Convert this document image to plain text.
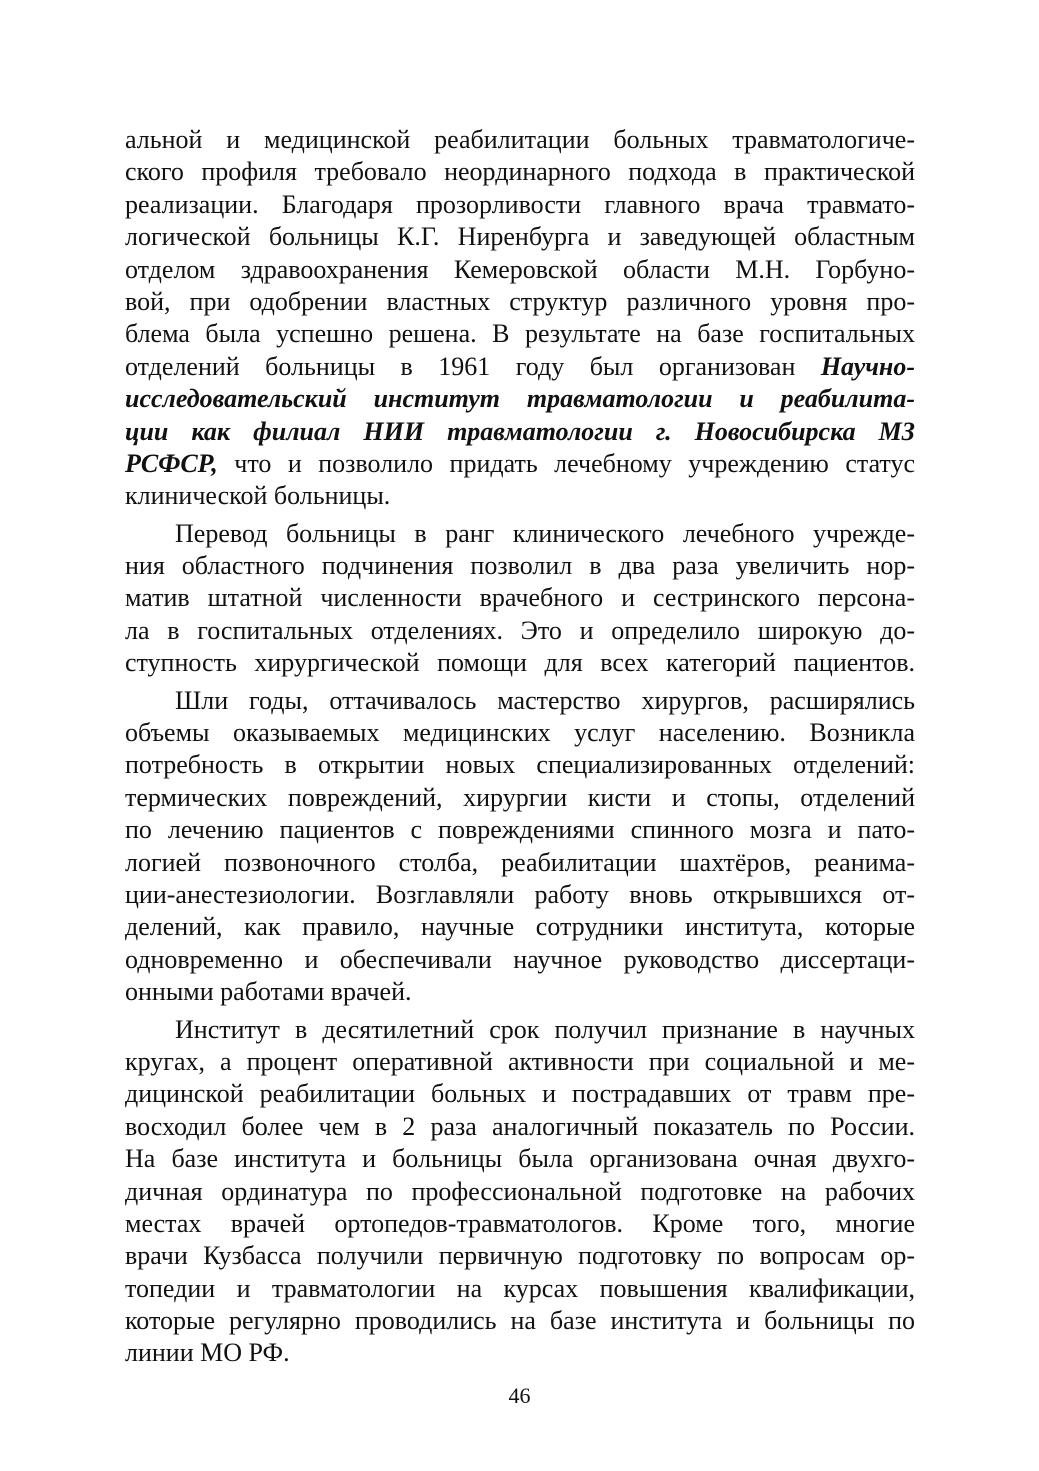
альной и медицинской реабилитации больных травматологиче-
ского профиля требовало неординарного подхода в практической
реализации. Благодаря прозорливости главного врача травмато-
логической больницы К.Г. Ниренбурга и заведующей областным
отделом здравоохранения Кемеровской области М.Н. Горбуно-
вой, при одобрении властных структур различного уровня про-
блема была успешно решена. В результате на базе госпитальных
отделений больницы в 1961 году был организован Научно-
исследовательский институт травматологии и реабилита-
ции как филиал НИИ травматологии г. Новосибирска МЗ
РСФСР, что и позволило придать лечебному учреждению статус
клинической больницы.
Перевод больницы в ранг клинического лечебного учрежде-
ния областного подчинения позволил в два раза увеличить нор-
матив штатной численности врачебного и сестринского персона-
ла в госпитальных отделениях. Это и определило широкую до-
ступность хирургической помощи для всех категорий пациентов.
Шли годы, оттачивалось мастерство хирургов, расширялись
объемы оказываемых медицинских услуг населению. Возникла
потребность в открытии новых специализированных отделений:
термических повреждений, хирургии кисти и стопы, отделений
по лечению пациентов с повреждениями спинного мозга и пато-
логией позвоночного столба, реабилитации шахтёров, реанима-
ции-анестезиологии. Возглавляли работу вновь открывшихся от-
делений, как правило, научные сотрудники института, которые
одновременно и обеспечивали научное руководство диссертаци-
онными работами врачей.
Институт в десятилетний срок получил признание в научных
кругах, а процент оперативной активности при социальной и ме-
дицинской реабилитации больных и пострадавших от травм пре-
восходил более чем в 2 раза аналогичный показатель по России.
На базе института и больницы была организована очная двухго-
дичная ординатура по профессиональной подготовке на рабочих
местах врачей ортопедов-травматологов. Кроме того, многие
врачи Кузбасса получили первичную подготовку по вопросам ор-
топедии и травматологии на курсах повышения квалификации,
которые регулярно проводились на базе института и больницы по
линии МО РФ.
46
